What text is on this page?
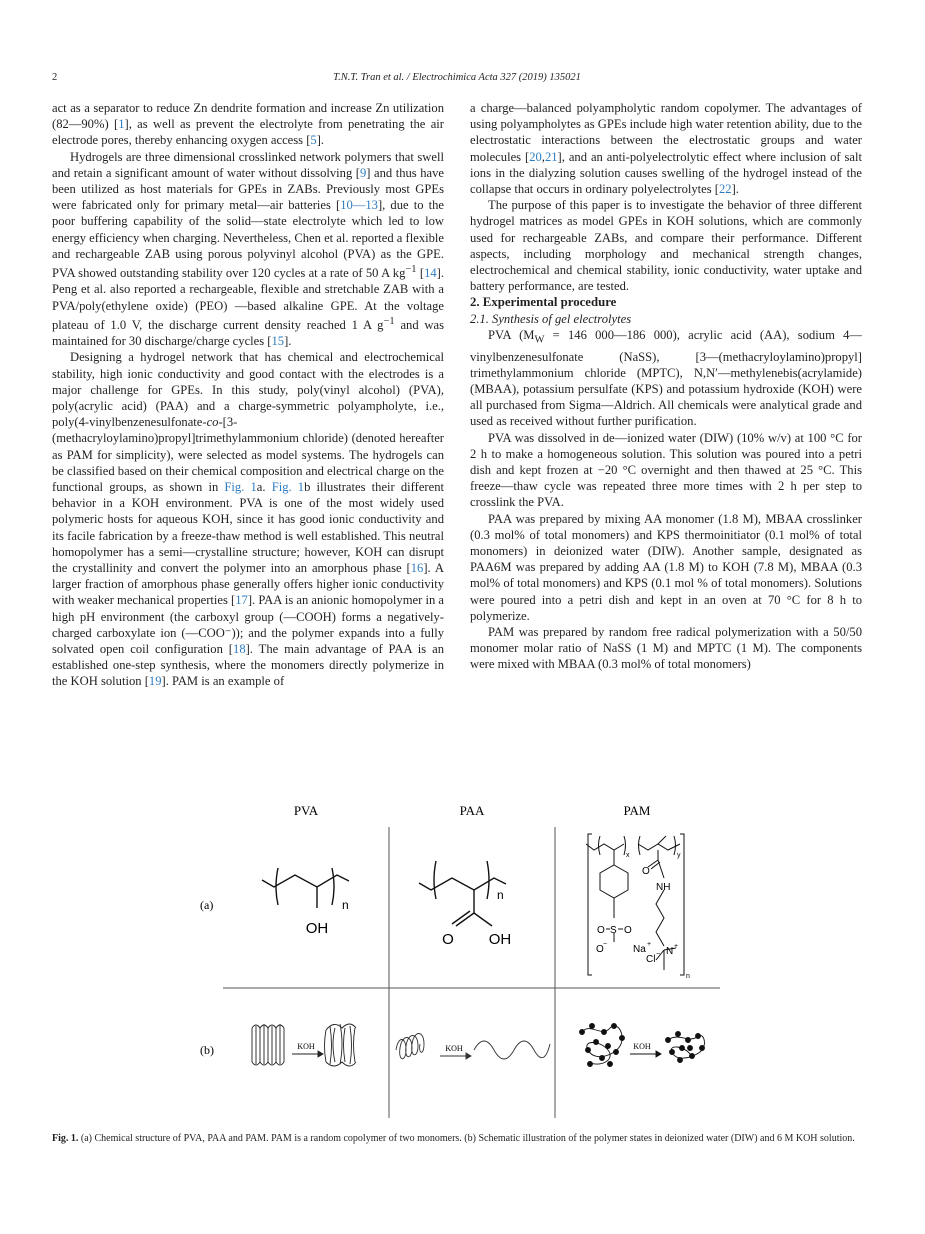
2	T.N.T. Tran et al. / Electrochimica Acta 327 (2019) 135021

act as a separator to reduce Zn dendrite formation and increase Zn utilization (82—90%) [1], as well as prevent the electrolyte from penetrating the air electrode pores, thereby enhancing oxygen access [5].

Hydrogels are three dimensional crosslinked network polymers that swell and retain a significant amount of water without dissolving [9] and thus have been utilized as host materials for GPEs in ZABs. Previously most GPEs were fabricated only for primary metal—air batteries [10—13], due to the poor buffering capability of the solid—state electrolyte which led to low energy efficiency when charging. Nevertheless, Chen et al. reported a flexible and rechargeable ZAB using porous polyvinyl alcohol (PVA) as the GPE. PVA showed outstanding stability over 120 cycles at a rate of 50 A $kg^{-1}$ [14]. Peng et al. also reported a rechargeable, flexible and stretchable ZAB with a PVA/poly(ethylene oxide) (PEO) —based alkaline GPE. At the voltage plateau of 1.0 V, the discharge current density reached 1 A $g^{-1}$ and was maintained for 30 discharge/charge cycles [15].

Designing a hydrogel network that has chemical and electrochemical stability, high ionic conductivity and good contact with the electrodes is a major challenge for GPEs. In this study, poly(vinyl alcohol) (PVA), poly(acrylic acid) (PAA) and a charge-symmetric polyampholyte, i.e., poly(4-vinylbenzenesulfonate-co-[3-(methacryloylamino)propyl]trimethylammonium chloride) (denoted hereafter as PAM for simplicity), were selected as model systems. The hydrogels can be classified based on their chemical composition and electrical charge on the functional groups, as shown in Fig. 1a. Fig. 1b illustrates their different behavior in a KOH environment. PVA is one of the most widely used polymeric hosts for aqueous KOH, since it has good ionic conductivity and its facile fabrication by a freeze-thaw method is well established. This neutral homopolymer has a semi—crystalline structure; however, KOH can disrupt the crystallinity and convert the polymer into an amorphous phase [16]. A larger fraction of amorphous phase generally offers higher ionic conductivity with weaker mechanical properties [17]. PAA is an anionic homopolymer in a high pH environment (the carboxyl group (—COOH) forms a negatively-charged carboxylate ion (—COO⁻)); and the polymer expands into a fully solvated open coil configuration [18]. The main advantage of PAA is an established one-step synthesis, where the monomers directly polymerize in the KOH solution [19]. PAM is an example of

a charge—balanced polyampholytic random copolymer. The advantages of using polyampholytes as GPEs include high water retention ability, due to the electrostatic interactions between the electrostatic groups and water molecules [20,21], and an anti-polyelectrolytic effect where inclusion of salt ions in the dialyzing solution causes swelling of the hydrogel instead of the collapse that occurs in ordinary polyelectrolytes [22].

The purpose of this paper is to investigate the behavior of three different hydrogel matrices as model GPEs in KOH solutions, which are commonly used for rechargeable ZABs, and compare their performance. Different aspects, including morphology and mechanical strength changes, electrochemical and chemical stability, ionic conductivity, water uptake and battery performance, are tested.

2. Experimental procedure

2.1. Synthesis of gel electrolytes

PVA ($M_W = 146$ 000—186 000), acrylic acid (AA), sodium 4—vinylbenzenesulfonate (NaSS), [3—(methacryloylamino)propyl] trimethylammonium chloride (MPTC), N,N′—methylenebis(acrylamide) (MBAA), potassium persulfate (KPS) and potassium hydroxide (KOH) were all purchased from Sigma—Aldrich. All chemicals were analytical grade and used as received without further purification.

PVA was dissolved in de—ionized water (DIW) (10% w/v) at 100 °C for 2 h to make a homogeneous solution. This solution was poured into a petri dish and kept frozen at −20 °C overnight and then thawed at 25 °C. This freeze—thaw cycle was repeated three more times with 2 h per step to crosslink the PVA.

PAA was prepared by mixing AA monomer (1.8 M), MBAA crosslinker (0.3 mol% of total monomers) and KPS thermoinitiator (0.1 mol% of total monomers) in deionized water (DIW). Another sample, designated as PAA6M was prepared by adding AA (1.8 M) to KOH (7.8 M), MBAA (0.3 mol% of total monomers) and KPS (0.1 mol % of total monomers). Solutions were poured into a petri dish and kept in an oven at 70 °C for 8 h to polymerize.

PAM was prepared by random free radical polymerization with a 50/50 monomer molar ratio of NaSS (1 M) and MPTC (1 M). The components were mixed with MBAA (0.3 mol% of total monomers)

PVA	PAA	PAM
(a)
(b)
OH
n
O OH
n
x	y
n
O
NH
O S O
O −	Na +
Cl − N +
KOH	KOH	KOH
Fig. 1. (a) Chemical structure of PVA, PAA and PAM. PAM is a random copolymer of two monomers. (b) Schematic illustration of the polymer states in deionized water (DIW) and 6 M KOH solution.
